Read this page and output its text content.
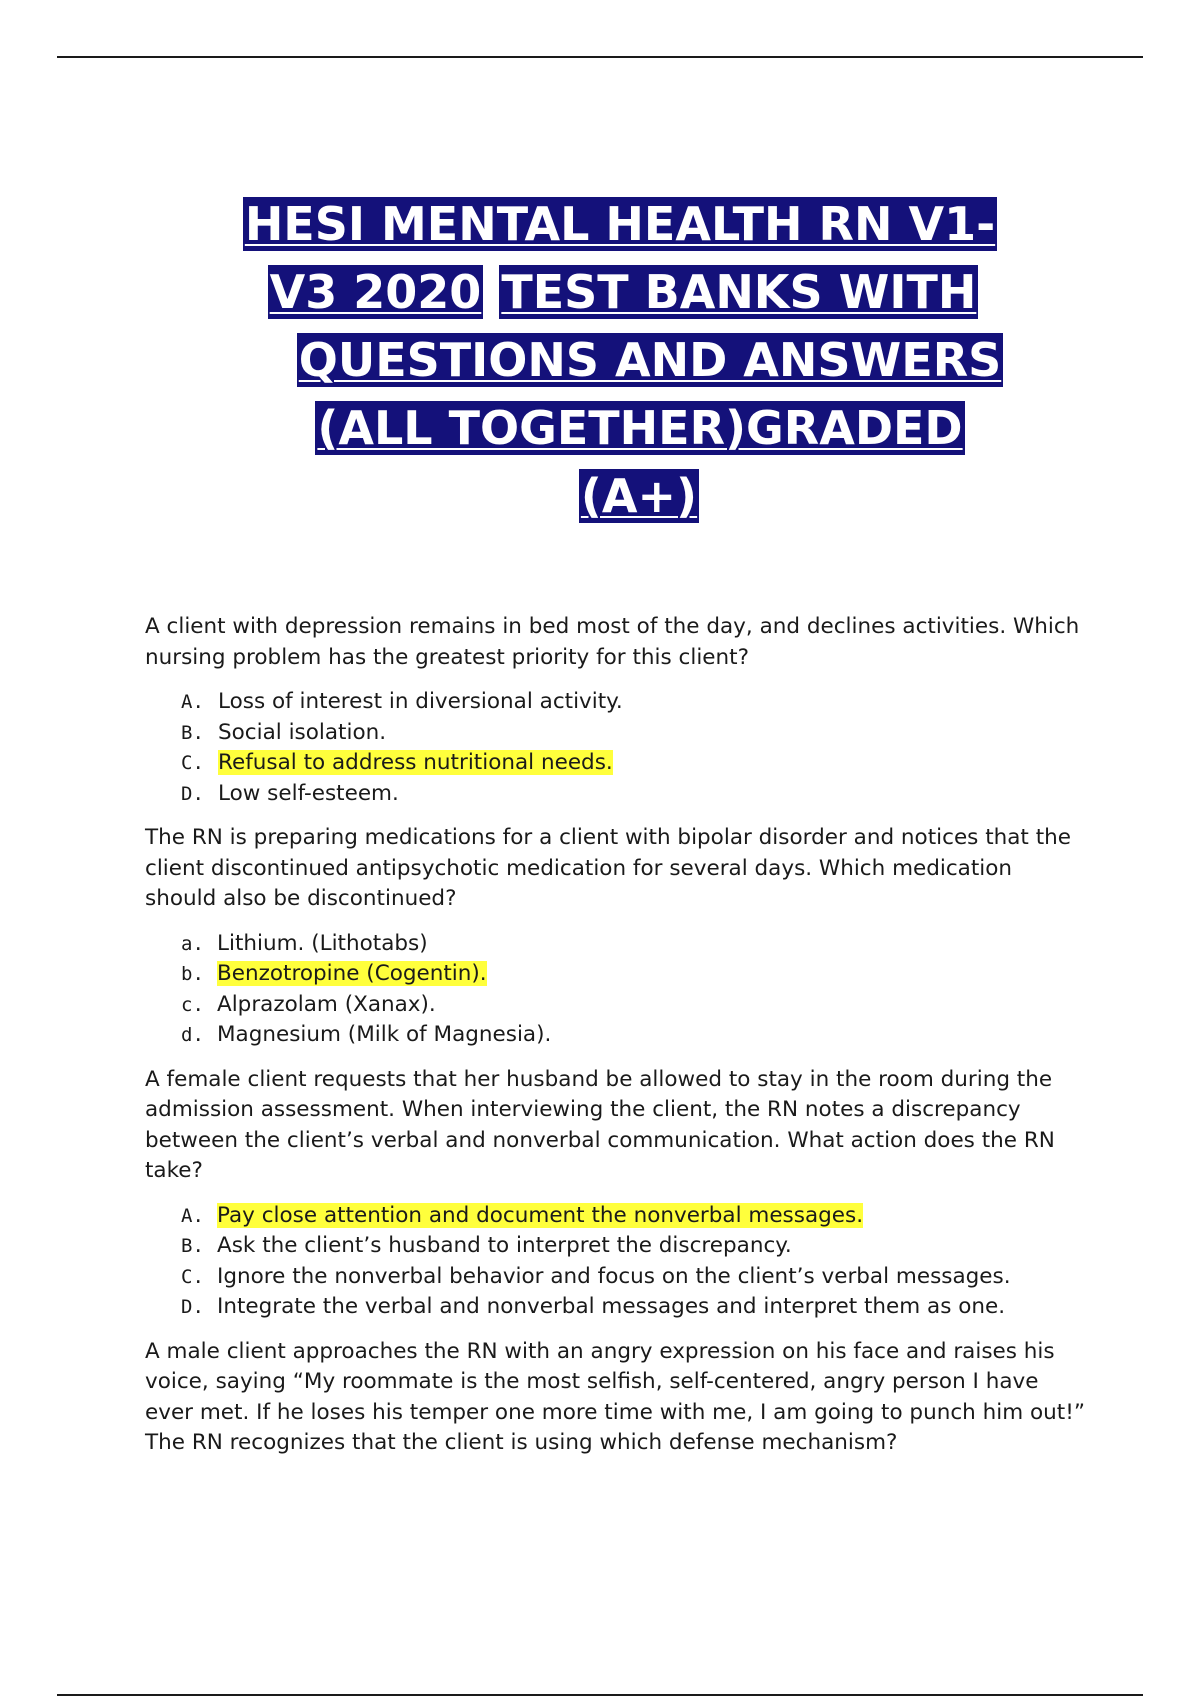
HESI MENTAL HEALTH RN V1-
V3 2020 TEST BANKS WITH
QUESTIONS AND ANSWERS
(ALL TOGETHER)GRADED
(A+)

A client with depression remains in bed most of the day, and declines activities. Which nursing problem has the greatest priority for this client?

A. Loss of interest in diversional activity.
B. Social isolation.
C. Refusal to address nutritional needs.
D. Low self-esteem.

The RN is preparing medications for a client with bipolar disorder and notices that the client discontinued antipsychotic medication for several days. Which medication should also be discontinued?

a. Lithium. (Lithotabs)
b. Benzotropine (Cogentin).
c. Alprazolam (Xanax).
d. Magnesium (Milk of Magnesia).

A female client requests that her husband be allowed to stay in the room during the admission assessment. When interviewing the client, the RN notes a discrepancy between the client’s verbal and nonverbal communication. What action does the RN take?

A. Pay close attention and document the nonverbal messages.
B. Ask the client’s husband to interpret the discrepancy.
C. Ignore the nonverbal behavior and focus on the client’s verbal messages.
D. Integrate the verbal and nonverbal messages and interpret them as one.

A male client approaches the RN with an angry expression on his face and raises his voice, saying “My roommate is the most selfish, self-centered, angry person I have ever met. If he loses his temper one more time with me, I am going to punch him out!” The RN recognizes that the client is using which defense mechanism?
